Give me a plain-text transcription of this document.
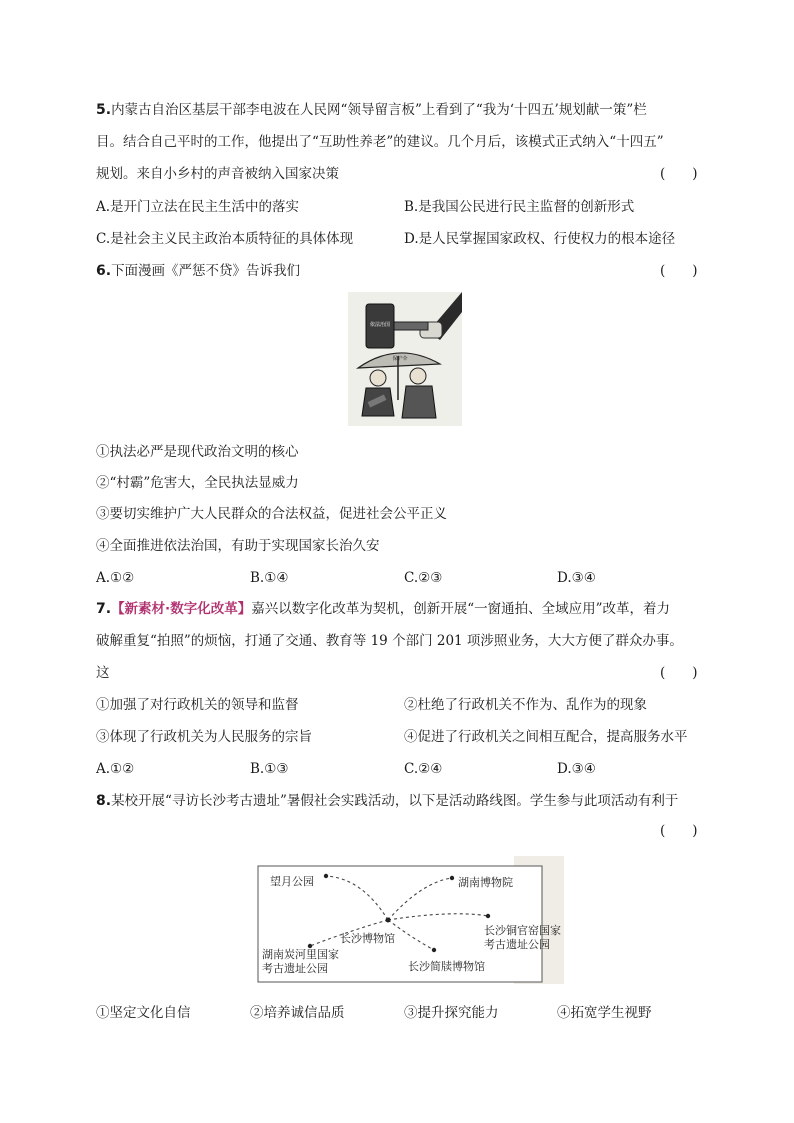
5.内蒙古自治区基层干部李电波在人民网“领导留言板”上看到了“我为‘十四五’规划献一策”栏
目。结合自己平时的工作，他提出了“互助性养老”的建议。几个月后，该模式正式纳入“十四五”
规划。来自小乡村的声音被纳入国家决策	(　　)
A.是开门立法在民主生活中的落实	B.是我国公民进行民主监督的创新形式
C.是社会主义民主政治本质特征的具体体现	D.是人民掌握国家政权、行使权力的根本途径
6.下面漫画《严惩不贷》告诉我们	(　　)
依法治国
保护伞
①执法必严是现代政治文明的核心
②“村霸”危害大，全民执法显威力
③要切实维护广大人民群众的合法权益，促进社会公平正义
④全面推进依法治国，有助于实现国家长治久安
A.①②	B.①④	C.②③	D.③④
7.【新素材·数字化改革】嘉兴以数字化改革为契机，创新开展“一窗通拍、全域应用”改革，着力
破解重复“拍照”的烦恼，打通了交通、教育等 19 个部门 201 项涉照业务，大大方便了群众办事。
这	(　　)
①加强了对行政机关的领导和监督	②杜绝了行政机关不作为、乱作为的现象
③体现了行政机关为人民服务的宗旨	④促进了行政机关之间相互配合，提高服务水平
A.①②	B.①③	C.②④	D.③④
8.某校开展“寻访长沙考古遗址”暑假社会实践活动，以下是活动路线图。学生参与此项活动有利于
(　　)
望月公园	湖南博物院
长沙铜官窑国家
考古遗址公园
长沙博物馆
湖南炭河里国家
考古遗址公园	长沙简牍博物馆
①坚定文化自信	②培养诚信品质	③提升探究能力	④拓宽学生视野
